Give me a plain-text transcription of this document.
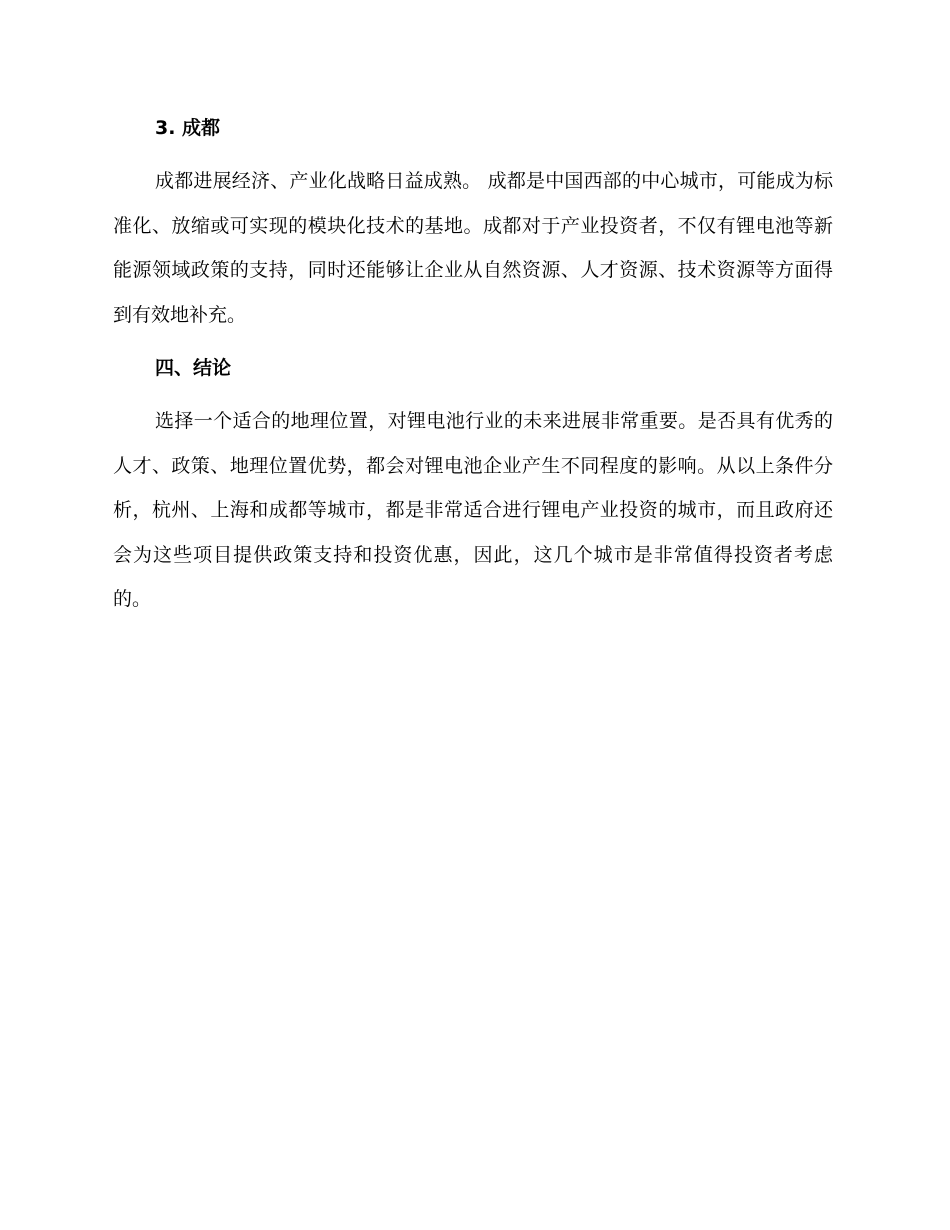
3. 成都

成都进展经济、产业化战略日益成熟。 成都是中国西部的中心城市，可能成为标准化、放缩或可实现的模块化技术的基地。成都对于产业投资者，不仅有锂电池等新能源领域政策的支持，同时还能够让企业从自然资源、人才资源、技术资源等方面得到有效地补充。

四、结论

选择一个适合的地理位置，对锂电池行业的未来进展非常重要。是否具有优秀的人才、政策、地理位置优势，都会对锂电池企业产生不同程度的影响。从以上条件分析，杭州、上海和成都等城市，都是非常适合进行锂电产业投资的城市，而且政府还会为这些项目提供政策支持和投资优惠，因此，这几个城市是非常值得投资者考虑的。
